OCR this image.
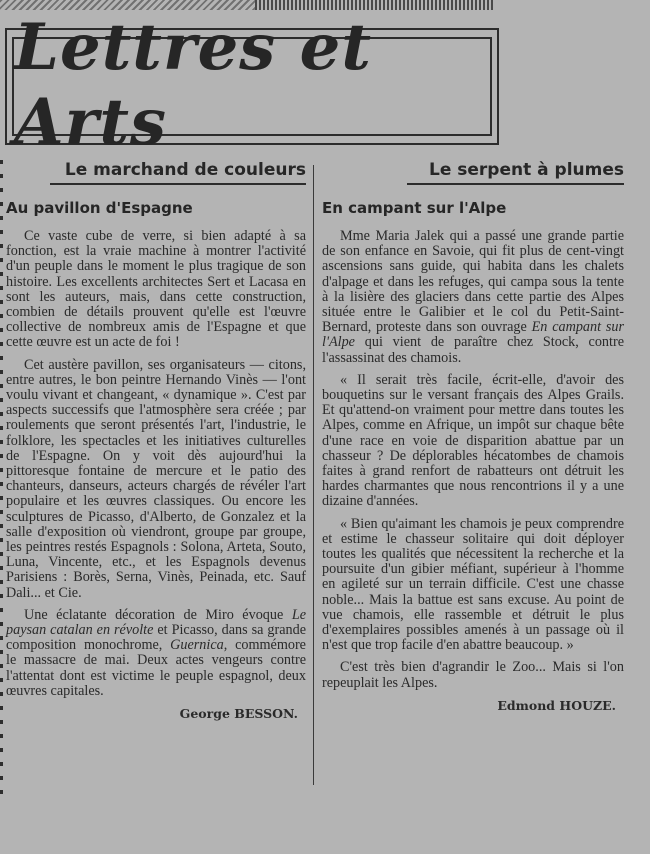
Lettres et Arts
Le marchand de couleurs
Au pavillon d'Espagne

Ce vaste cube de verre, si bien adapté à sa fonction, est la vraie machine à montrer l'activité d'un peuple dans le moment le plus tragique de son histoire. Les excellents architectes Sert et Lacasa en sont les auteurs, mais, dans cette construction, combien de détails prouvent qu'elle est l'œuvre collective de nombreux amis de l'Espagne et que cette œuvre est un acte de foi !

Cet austère pavillon, ses organisateurs — citons, entre autres, le bon peintre Hernando Vinès — l'ont voulu vivant et changeant, « dynamique ». C'est par aspects successifs que l'atmosphère sera créée ; par roulements que seront présentés l'art, l'industrie, le folklore, les spectacles et les initiatives culturelles de l'Espagne. On y voit dès aujourd'hui la pittoresque fontaine de mercure et le patio des chanteurs, danseurs, acteurs chargés de révéler l'art populaire et les œuvres classiques. Ou encore les sculptures de Picasso, d'Alberto, de Gonzalez et la salle d'exposition où viendront, groupe par groupe, les peintres restés Espagnols : Solona, Arteta, Souto, Luna, Vincente, etc., et les Espagnols devenus Parisiens : Borès, Serna, Vinès, Peinada, etc. Sauf Dali... et Cie.

Une éclatante décoration de Miro évoque Le paysan catalan en révolte et Picasso, dans sa grande composition monochrome, Guernica, commémore le massacre de mai. Deux actes vengeurs contre l'attentat dont est victime le peuple espagnol, deux œuvres capitales.

George BESSON.
Le serpent à plumes
En campant sur l'Alpe

Mme Maria Jalek qui a passé une grande partie de son enfance en Savoie, qui fit plus de cent-vingt ascensions sans guide, qui habita dans les chalets d'alpage et dans les refuges, qui campa sous la tente à la lisière des glaciers dans cette partie des Alpes située entre le Galibier et le col du Petit-Saint-Bernard, proteste dans son ouvrage En campant sur l'Alpe qui vient de paraître chez Stock, contre l'assassinat des chamois.

« Il serait très facile, écrit-elle, d'avoir des bouquetins sur le versant français des Alpes Grails. Et qu'attend-on vraiment pour mettre dans toutes les Alpes, comme en Afrique, un impôt sur chaque bête d'une race en voie de disparition abattue par un chasseur ? De déplorables hécatombes de chamois faites à grand renfort de rabatteurs ont détruit les hardes charmantes que nous rencontrions il y a une dizaine d'années.

« Bien qu'aimant les chamois je peux comprendre et estime le chasseur solitaire qui doit déployer toutes les qualités que nécessitent la recherche et la poursuite d'un gibier méfiant, supérieur à l'homme en agileté sur un terrain difficile. C'est une chasse noble... Mais la battue est sans excuse. Au point de vue chamois, elle rassemble et détruit le plus d'exemplaires possibles amenés à un passage où il n'est que trop facile d'en abattre beaucoup. »

C'est très bien d'agrandir le Zoo... Mais si l'on repeuplait les Alpes.

Edmond HOUZE.
